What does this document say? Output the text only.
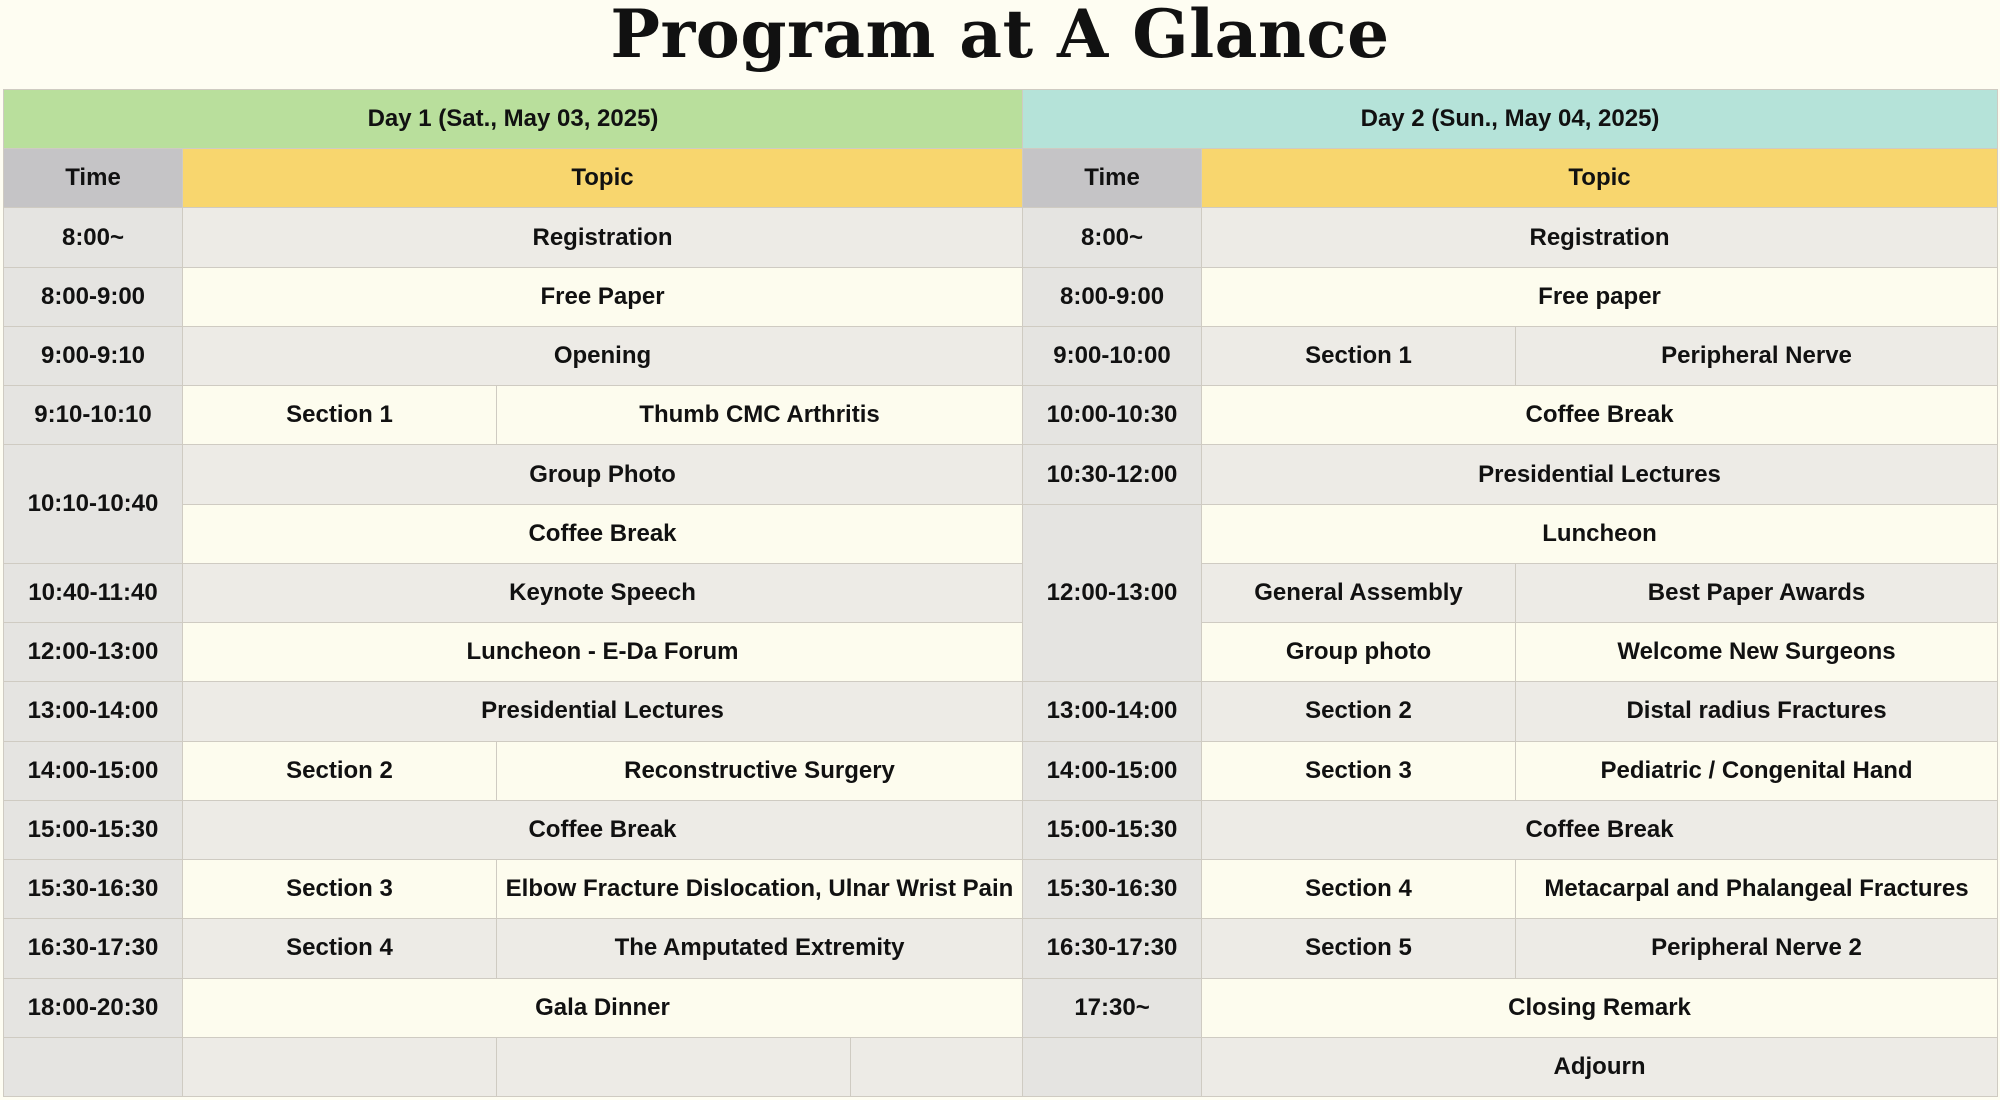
Program at A Glance
Day 1 (Sat., May 03, 2025)				Day 2 (Sun., May 04, 2025)		
Time	Topic			Time	Topic	
8:00~	Registration			8:00~	Registration	
8:00-9:00	Free Paper			8:00-9:00	Free paper	
9:00-9:10	Opening			9:00-10:00	Section 1	Peripheral Nerve
9:10-10:10	Section 1	Thumb CMC Arthritis		10:00-10:30	Coffee Break	
10:10-10:40	Group Photo			10:30-12:00	Presidential Lectures	
	Coffee Break			12:00-13:00	Luncheon	
10:40-11:40	Keynote Speech				General Assembly	Best Paper Awards
12:00-13:00	Luncheon - E-Da Forum				Group photo	Welcome New Surgeons
13:00-14:00	Presidential Lectures			13:00-14:00	Section 2	Distal radius Fractures
14:00-15:00	Section 2	Reconstructive Surgery		14:00-15:00	Section 3	Pediatric / Congenital Hand
15:00-15:30	Coffee Break			15:00-15:30	Coffee Break	
15:30-16:30	Section 3	Elbow Fracture Dislocation, Ulnar Wrist Pain		15:30-16:30	Section 4	Metacarpal and Phalangeal Fractures
16:30-17:30	Section 4	The Amputated Extremity		16:30-17:30	Section 5	Peripheral Nerve 2
18:00-20:30	Gala Dinner			17:30~	Closing Remark	
					Adjourn	
